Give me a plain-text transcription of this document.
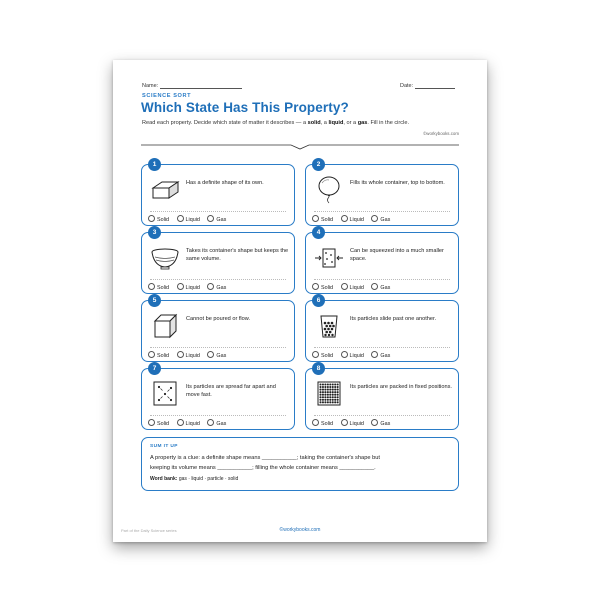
Name:	Date:
SCIENCE SORT
Which State Has This Property?
Read each property. Decide which state of matter it describes — a solid, a liquid, or a gas. Fill in the circle.
©workybooks.com
1
Has a definite shape of its own.
Solid	Liquid	Gas
2
Fills its whole container, top to bottom.
Solid	Liquid	Gas
3
Takes its container's shape but keeps the same volume.
Solid	Liquid	Gas
4
Can be squeezed into a much smaller space.
Solid	Liquid	Gas
5
Cannot be poured or flow.
Solid	Liquid	Gas
6
Its particles slide past one another.
Solid	Liquid	Gas
7
Its particles are spread far apart and move fast.
Solid	Liquid	Gas
8
Its particles are packed in fixed positions.
Solid	Liquid	Gas
SUM IT UP
A property is a clue: a definite shape means ___________; taking the container's shape but
keeping its volume means ___________; filling the whole container means ___________.
Word bank: gas · liquid · particle · solid
Part of the Daily Science series	©workybooks.com
